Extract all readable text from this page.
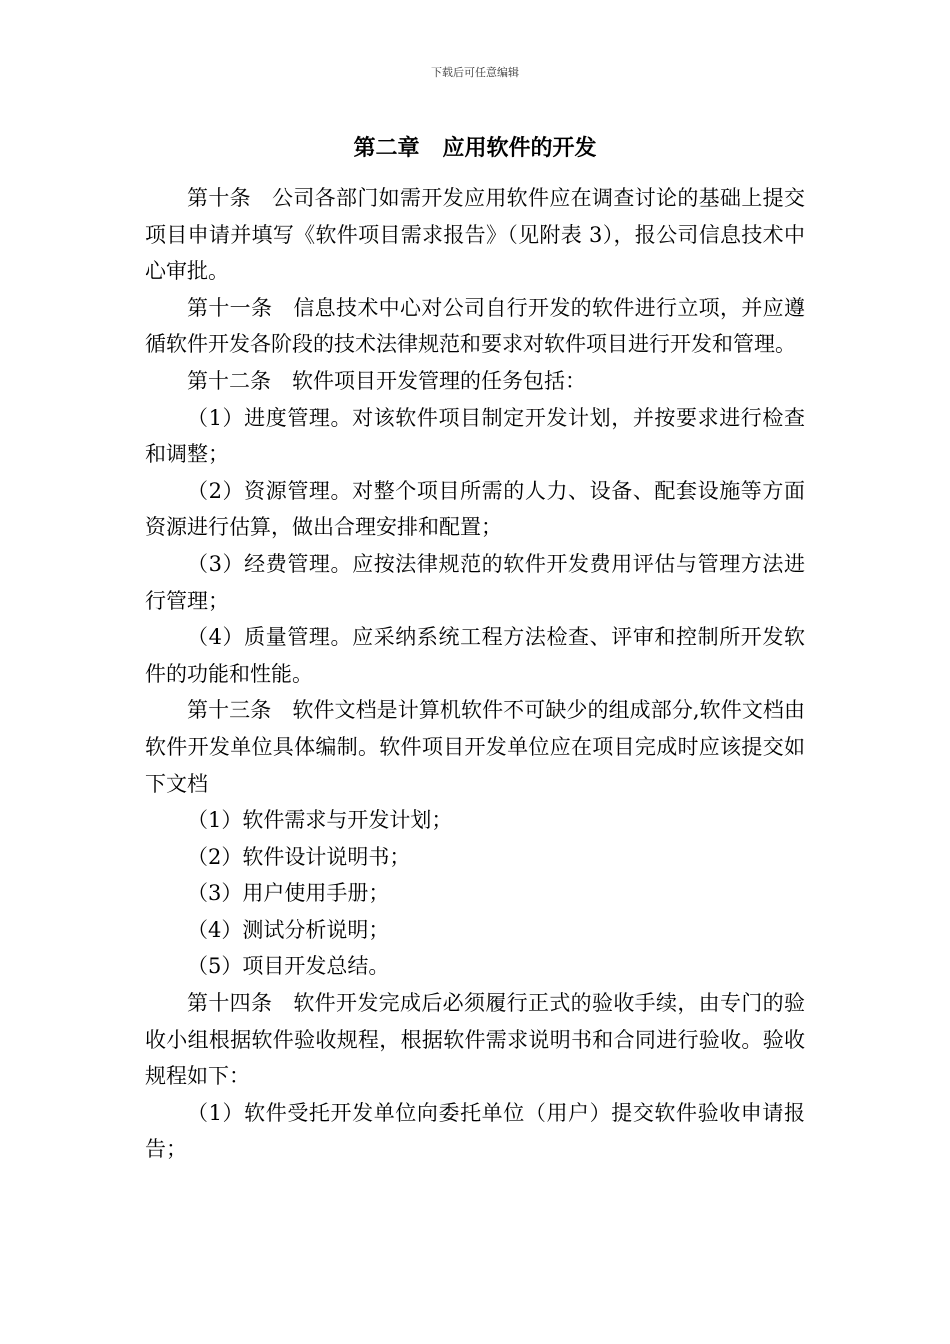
下载后可任意编辑
第二章   应用软件的开发

第十条 公司各部门如需开发应用软件应在调查讨论的基础上提交项目申请并填写《软件项目需求报告》（见附表 3），报公司信息技术中心审批。

第十一条 信息技术中心对公司自行开发的软件进行立项，并应遵循软件开发各阶段的技术法律规范和要求对软件项目进行开发和管理。

第十二条 软件项目开发管理的任务包括：

（1）进度管理。对该软件项目制定开发计划，并按要求进行检查和调整；

（2）资源管理。对整个项目所需的人力、设备、配套设施等方面资源进行估算，做出合理安排和配置；

（3）经费管理。应按法律规范的软件开发费用评估与管理方法进行管理；

（4）质量管理。应采纳系统工程方法检查、评审和控制所开发软件的功能和性能。

第十三条 软件文档是计算机软件不可缺少的组成部分,软件文档由软件开发单位具体编制。软件项目开发单位应在项目完成时应该提交如下文档

（1）软件需求与开发计划；

（2）软件设计说明书；

（3）用户使用手册；

（4）测试分析说明；

（5）项目开发总结。

第十四条 软件开发完成后必须履行正式的验收手续，由专门的验收小组根据软件验收规程，根据软件需求说明书和合同进行验收。验收规程如下：

（1）软件受托开发单位向委托单位（用户）提交软件验收申请报告；
